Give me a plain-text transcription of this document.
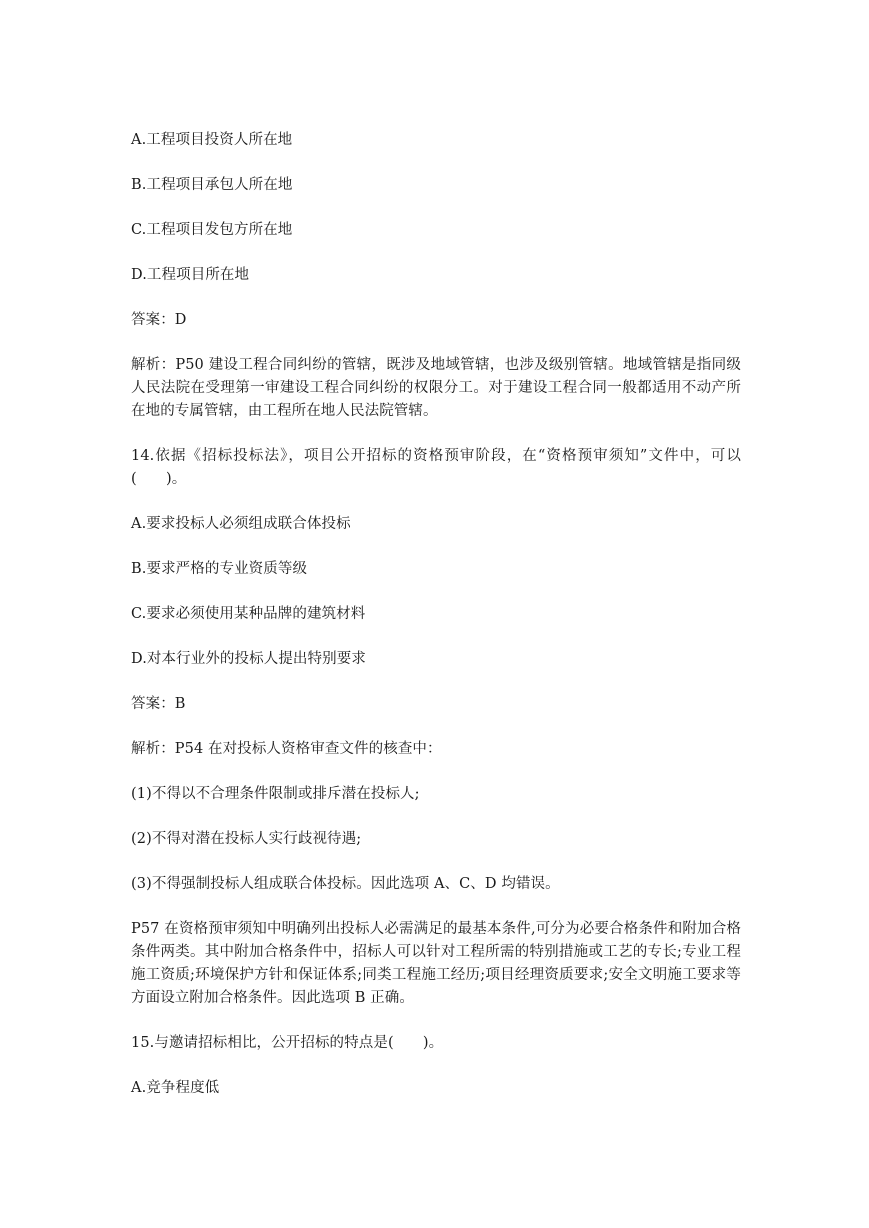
A.工程项目投资人所在地

B.工程项目承包人所在地

C.工程项目发包方所在地

D.工程项目所在地

答案：D

解析：P50 建设工程合同纠纷的管辖，既涉及地域管辖，也涉及级别管辖。地域管辖是指同级人民法院在受理第一审建设工程合同纠纷的权限分工。对于建设工程合同一般都适用不动产所在地的专属管辖，由工程所在地人民法院管辖。

14.依据《招标投标法》，项目公开招标的资格预审阶段，在“资格预审须知”文件中，可以(　　)。

A.要求投标人必须组成联合体投标

B.要求严格的专业资质等级

C.要求必须使用某种品牌的建筑材料

D.对本行业外的投标人提出特别要求

答案：B

解析：P54 在对投标人资格审查文件的核查中：

(1)不得以不合理条件限制或排斥潜在投标人;

(2)不得对潜在投标人实行歧视待遇;

(3)不得强制投标人组成联合体投标。因此选项 A、C、D 均错误。

P57 在资格预审须知中明确列出投标人必需满足的最基本条件,可分为必要合格条件和附加合格条件两类。其中附加合格条件中，招标人可以针对工程所需的特别措施或工艺的专长;专业工程施工资质;环境保护方针和保证体系;同类工程施工经历;项目经理资质要求;安全文明施工要求等方面设立附加合格条件。因此选项 B 正确。

15.与邀请招标相比，公开招标的特点是(　　)。

A.竞争程度低
